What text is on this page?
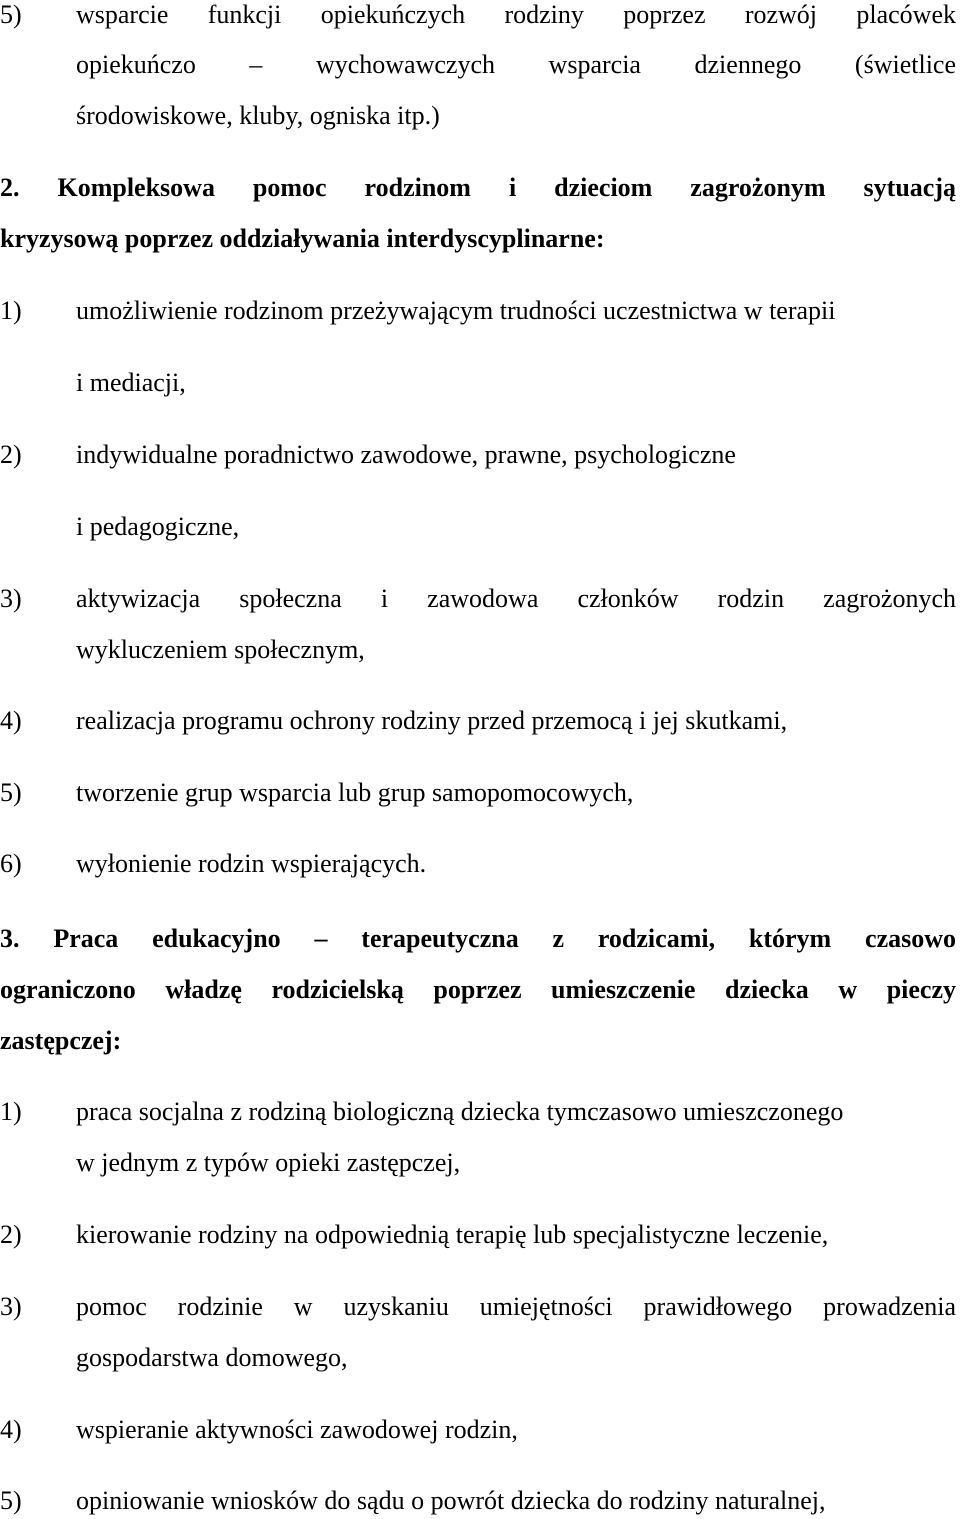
5)	wsparcie funkcji opiekuńczych rodziny poprzez rozwój placówek
opiekuńczo – wychowawczych wsparcia dziennego (świetlice
środowiskowe, kluby, ogniska itp.)
2. Kompleksowa pomoc rodzinom i dzieciom zagrożonym sytuacją
kryzysową poprzez oddziaływania interdyscyplinarne:
1)	umożliwienie rodzinom przeżywającym trudności uczestnictwa w terapii
i mediacji,
2)	indywidualne poradnictwo zawodowe, prawne, psychologiczne
i pedagogiczne,
3)	aktywizacja społeczna i zawodowa członków rodzin zagrożonych
wykluczeniem społecznym,
4)	realizacja programu ochrony rodziny przed przemocą i jej skutkami,
5)	tworzenie grup wsparcia lub grup samopomocowych,
6)	wyłonienie rodzin wspierających.
3. Praca edukacyjno – terapeutyczna z rodzicami, którym czasowo
ograniczono władzę rodzicielską poprzez umieszczenie dziecka w pieczy
zastępczej:
1)	praca socjalna z rodziną biologiczną dziecka tymczasowo umieszczonego
w jednym z typów opieki zastępczej,
2)	kierowanie rodziny na odpowiednią terapię lub specjalistyczne leczenie,
3)	pomoc rodzinie w uzyskaniu umiejętności prawidłowego prowadzenia
gospodarstwa domowego,
4)	wspieranie aktywności zawodowej rodzin,
5)	opiniowanie wniosków do sądu o powrót dziecka do rodziny naturalnej,
